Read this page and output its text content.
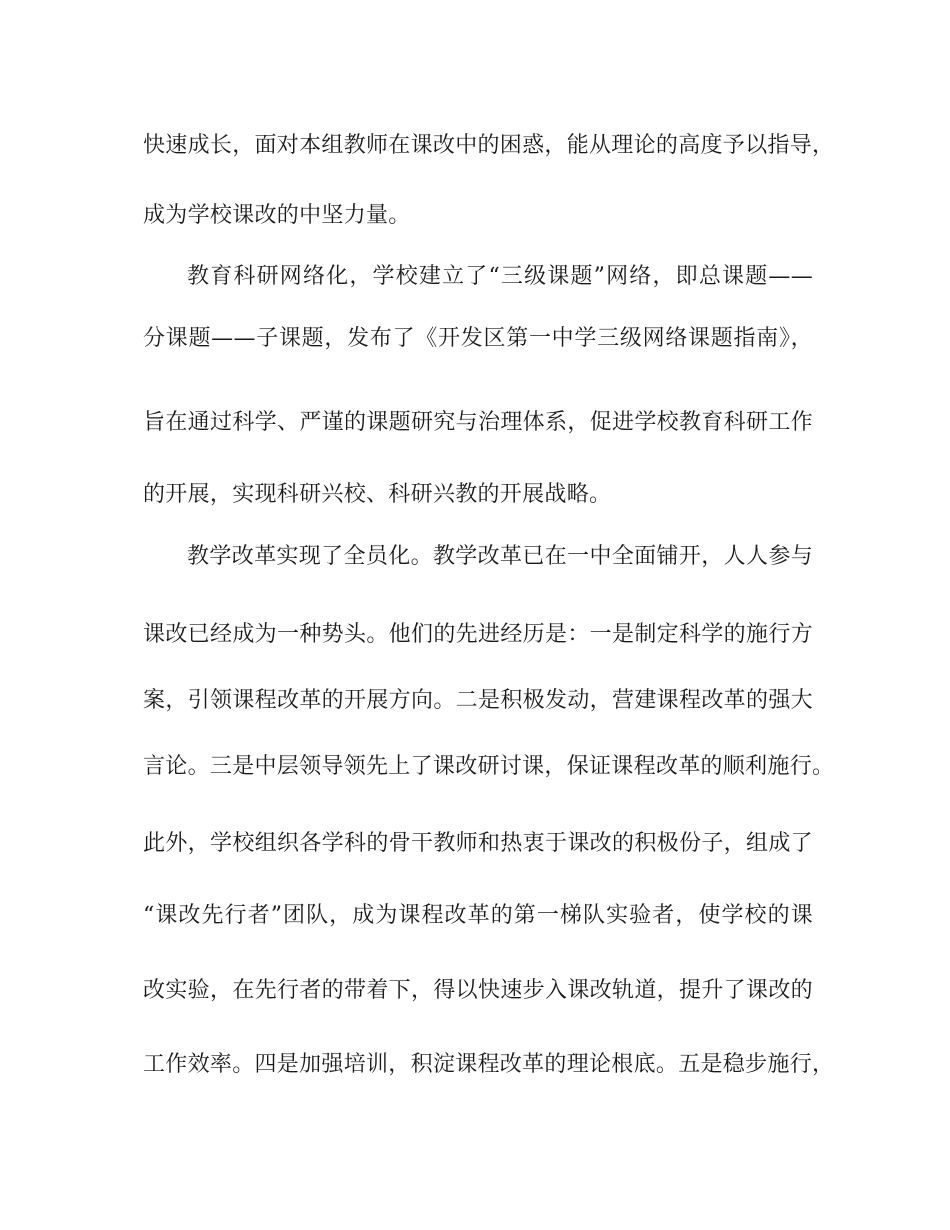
快速成长，面对本组教师在课改中的困惑，能从理论的高度予以指导，
成为学校课改的中坚力量。
教育科研网络化，学校建立了“三级课题”网络，即总课题——
分课题——子课题，发布了《开发区第一中学三级网络课题指南》，
旨在通过科学、严谨的课题研究与治理体系，促进学校教育科研工作
的开展，实现科研兴校、科研兴教的开展战略。
教学改革实现了全员化。教学改革已在一中全面铺开，人人参与
课改已经成为一种势头。他们的先进经历是：一是制定科学的施行方
案，引领课程改革的开展方向。二是积极发动，营建课程改革的强大
言论。三是中层领导领先上了课改研讨课，保证课程改革的顺利施行。
此外，学校组织各学科的骨干教师和热衷于课改的积极份子，组成了
“课改先行者”团队，成为课程改革的第一梯队实验者，使学校的课
改实验，在先行者的带着下，得以快速步入课改轨道，提升了课改的
工作效率。四是加强培训，积淀课程改革的理论根底。五是稳步施行，
